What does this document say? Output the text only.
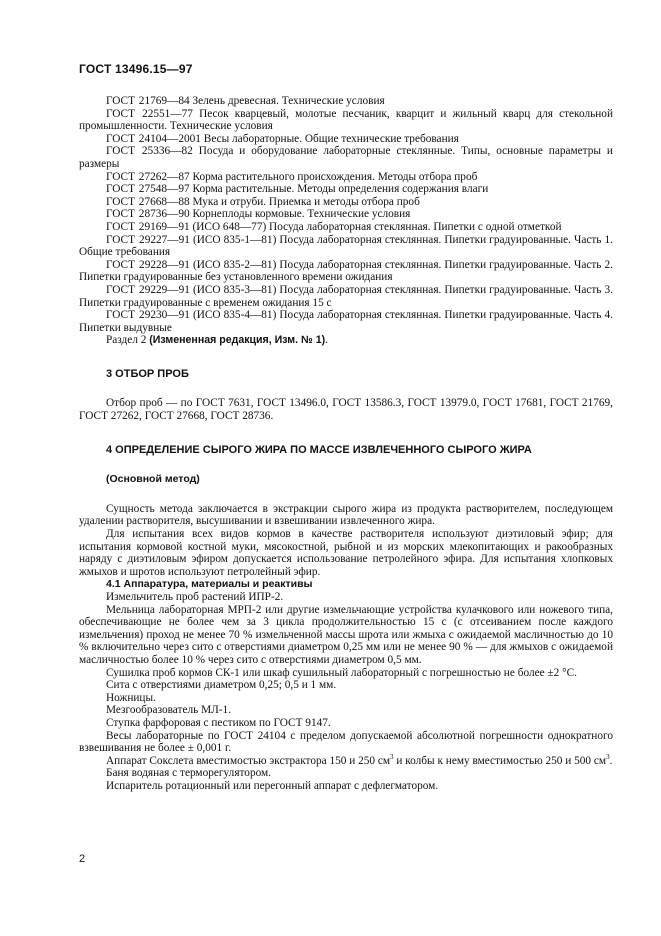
ГОСТ 13496.15—97

ГОСТ 21769—84 Зелень древесная. Технические условия

ГОСТ 22551—77 Песок кварцевый, молотые песчаник, кварцит и жильный кварц для стекольной промышленности. Технические условия

ГОСТ 24104—2001 Весы лабораторные. Общие технические требования

ГОСТ 25336—82 Посуда и оборудование лабораторные стеклянные. Типы, основные параметры и размеры

ГОСТ 27262—87 Корма растительного происхождения. Методы отбора проб

ГОСТ 27548—97 Корма растительные. Методы определения содержания влаги

ГОСТ 27668—88 Мука и отруби. Приемка и методы отбора проб

ГОСТ 28736—90 Корнеплоды кормовые. Технические условия

ГОСТ 29169—91 (ИСО 648—77) Посуда лабораторная стеклянная. Пипетки с одной отметкой

ГОСТ 29227—91 (ИСО 835-1—81) Посуда лабораторная стеклянная. Пипетки градуированные. Часть 1. Общие требования

ГОСТ 29228—91 (ИСО 835-2—81) Посуда лабораторная стеклянная. Пипетки градуированные. Часть 2. Пипетки градуированные без установленного времени ожидания

ГОСТ 29229—91 (ИСО 835-3—81) Посуда лабораторная стеклянная. Пипетки градуированные. Часть 3. Пипетки градуированные с временем ожидания 15 с

ГОСТ 29230—91 (ИСО 835-4—81) Посуда лабораторная стеклянная. Пипетки градуированные. Часть 4. Пипетки выдувные

Раздел 2 (Измененная редакция, Изм. № 1).

3 ОТБОР ПРОБ

Отбор проб — по ГОСТ 7631, ГОСТ 13496.0, ГОСТ 13586.3, ГОСТ 13979.0, ГОСТ 17681, ГОСТ 21769, ГОСТ 27262, ГОСТ 27668, ГОСТ 28736.

4 ОПРЕДЕЛЕНИЕ СЫРОГО ЖИРА ПО МАССЕ ИЗВЛЕЧЕННОГО СЫРОГО ЖИРА

(Основной метод)

Сущность метода заключается в экстракции сырого жира из продукта растворителем, последующем удалении растворителя, высушивании и взвешивании извлеченного жира.

Для испытания всех видов кормов в качестве растворителя используют диэтиловый эфир; для испытания кормовой костной муки, мясокостной, рыбной и из морских млекопитающих и ракообразных наряду с диэтиловым эфиром допускается использование петролейного эфира. Для испытания хлопковых жмыхов и шротов используют петролейный эфир.

4.1 Аппаратура, материалы и реактивы

Измельчитель проб растений ИПР-2.

Мельница лабораторная МРП-2 или другие измельчающие устройства кулачкового или ножевого типа, обеспечивающие не более чем за 3 цикла продолжительностью 15 с (с отсеиванием после каждого измельчения) проход не менее 70 % измельченной массы шрота или жмыха с ожидаемой масличностью до 10 % включительно через сито с отверстиями диаметром 0,25 мм или не менее 90 % — для жмыхов с ожидаемой масличностью более 10 % через сито с отверстиями диаметром 0,5 мм.

Сушилка проб кормов СК-1 или шкаф сушильный лабораторный с погрешностью не более ±2 °С.

Сита с отверстиями диаметром 0,25; 0,5 и 1 мм.

Ножницы.

Мезгообразователь МЛ-1.

Ступка фарфоровая с пестиком по ГОСТ 9147.

Весы лабораторные по ГОСТ 24104 с пределом допускаемой абсолютной погрешности однократного взвешивания не более ± 0,001 г.

Аппарат Сокслета вместимостью экстрактора 150 и 250 $см^3$ и колбы к нему вместимостью 250 и 500 $см^3$.

Баня водяная с терморегулятором.

Испаритель ротационный или перегонный аппарат с дефлегматором.

2
